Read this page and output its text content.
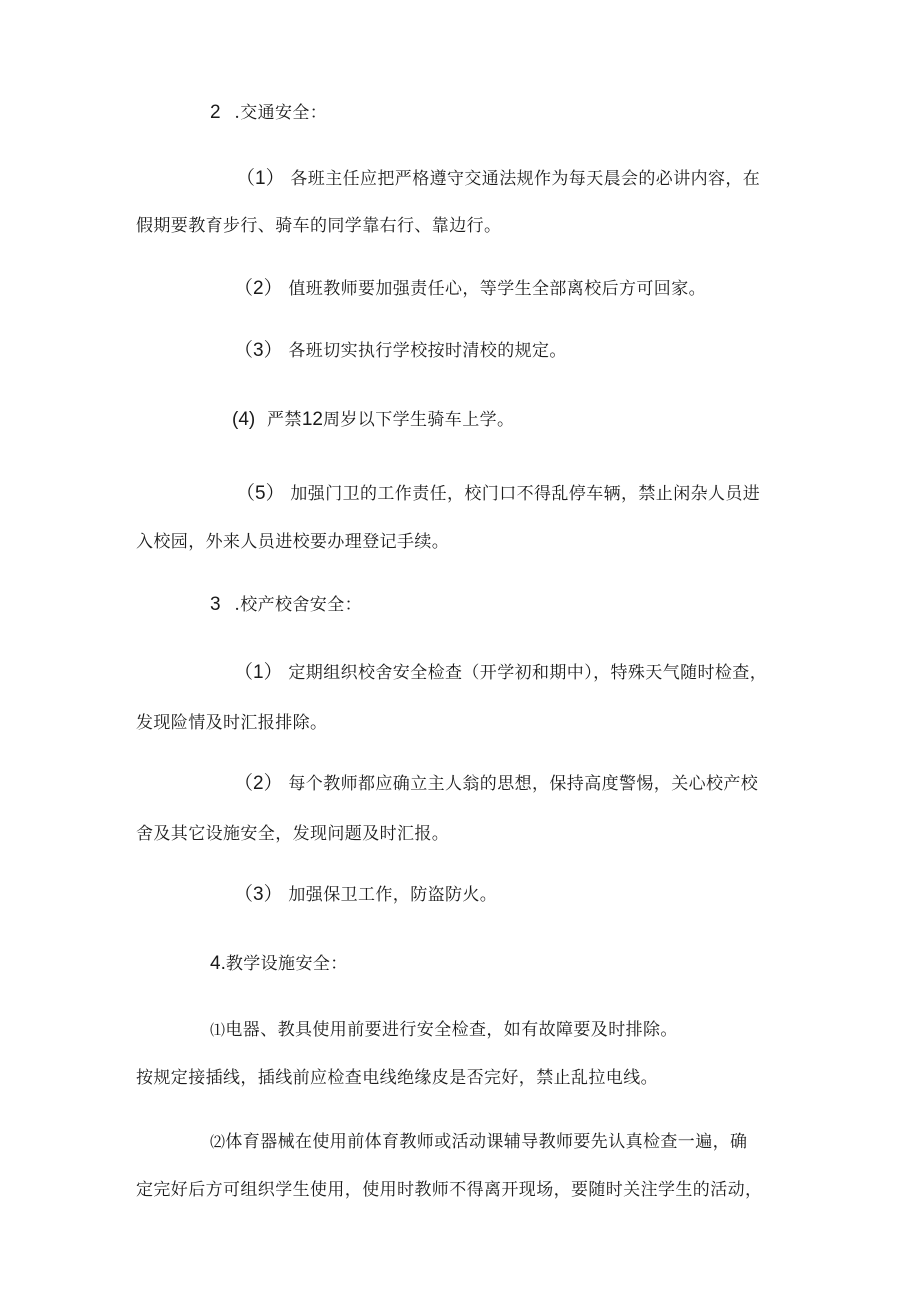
2 .交通安全：
（1） 各班主任应把严格遵守交通法规作为每天晨会的必讲内容，在
假期要教育步行、骑车的同学靠右行、靠边行。
（2） 值班教师要加强责任心，等学生全部离校后方可回家。
（3） 各班切实执行学校按时清校的规定。
(4) 严禁12周岁以下学生骑车上学。
（5） 加强门卫的工作责任，校门口不得乱停车辆，禁止闲杂人员进
入校园，外来人员进校要办理登记手续。
3 .校产校舍安全：
（1） 定期组织校舍安全检查（开学初和期中），特殊天气随时检查，
发现险情及时汇报排除。
（2） 每个教师都应确立主人翁的思想，保持高度警惕，关心校产校
舍及其它设施安全，发现问题及时汇报。
（3） 加强保卫工作，防盗防火。
4.教学设施安全：
⑴电器、教具使用前要进行安全检查，如有故障要及时排除。
按规定接插线，插线前应检查电线绝缘皮是否完好，禁止乱拉电线。
⑵体育器械在使用前体育教师或活动课辅导教师要先认真检查一遍，确
定完好后方可组织学生使用，使用时教师不得离开现场，要随时关注学生的活动，
